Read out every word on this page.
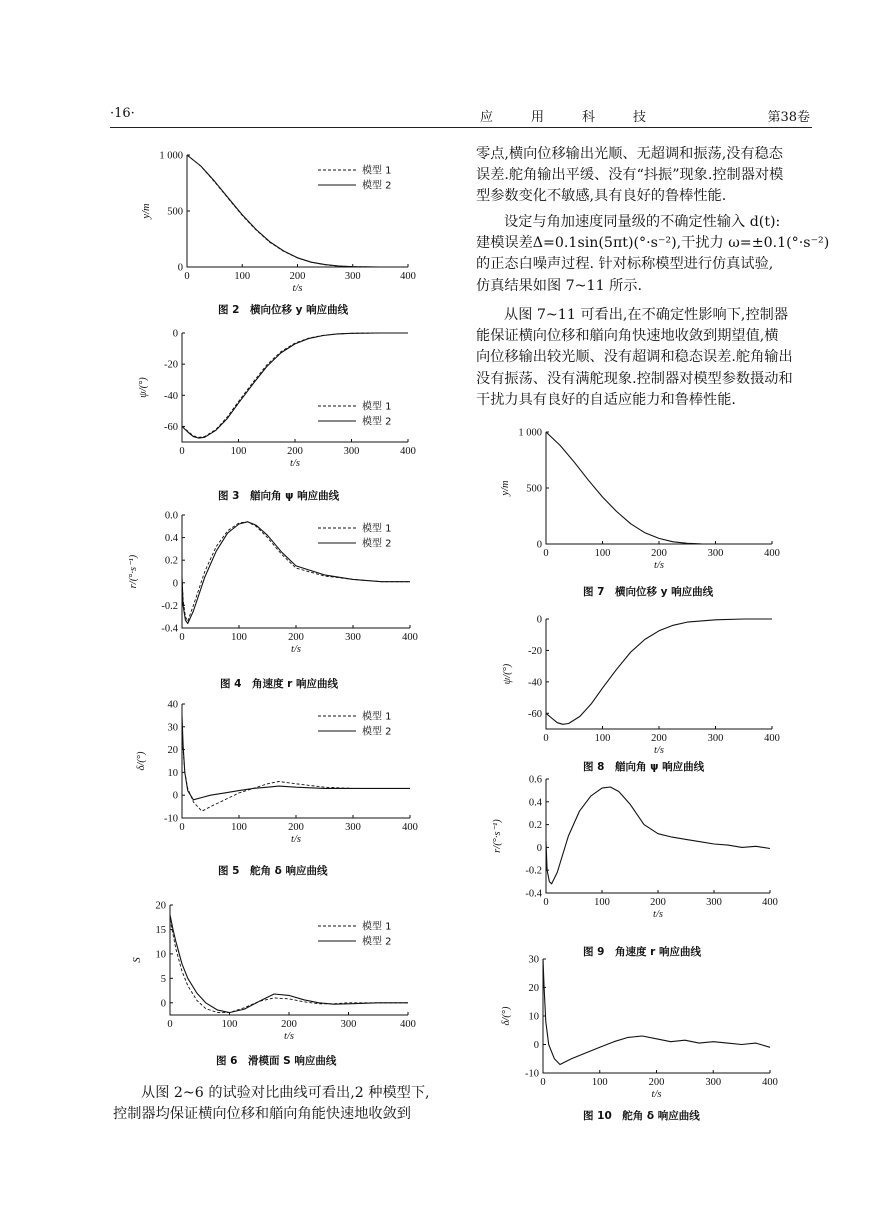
·16·	应用科技	第38卷
零点,横向位移输出光顺、无超调和振荡,没有稳态
误差.舵角输出平缓、没有“抖振”现象.控制器对模
型参数变化不敏感,具有良好的鲁棒性能.
设定与角加速度同量级的不确定性输入 d(t):
建模误差Δ=0.1sin(5πt)(°·s⁻²),干扰力 ω=±0.1(°·s⁻²)
的正态白噪声过程. 针对标称模型进行仿真试验,
仿真结果如图 7~11 所示.
从图 7~11 可看出,在不确定性影响下,控制器
能保证横向位移和艏向角快速地收敛到期望值,横
向位移输出较光顺、没有超调和稳态误差.舵角输出
没有振荡、没有满舵现象.控制器对模型参数摄动和
干扰力具有良好的自适应能力和鲁棒性能.
从图 2~6 的试验对比曲线可看出,2 种模型下,
控制器均保证横向位移和艏向角能快速地收敛到
0	100	200	300	400
0
500
1 000
t/s
y/m
模型 1
模型 2
图 2　横向位移 y 响应曲线
0	100	200	300	400
0
-20
-40
-60
t/s
ψ/(°)
模型 1
模型 2
图 3　艏向角 ψ 响应曲线
0	100	200	300	400
0.0
0.4
0.2
0
-0.2
-0.4
t/s
r/(°·s⁻¹)
模型 1
模型 2
图 4　角速度 r 响应曲线
0	100	200	300	400
40
30
20
10
0
-10
t/s
δ/(°)
模型 1
模型 2
图 5　舵角 δ 响应曲线
0	100	200	300	400
20
15
10
5
0
t/s
S
模型 1
模型 2
图 6　滑模面 S 响应曲线
0	100	200	300	400
0
500
1 000
t/s
y/m
图 7　横向位移 y 响应曲线
0	100	200	300	400
0
-20
-40
-60
t/s
ψ/(°)
图 8　艏向角 ψ 响应曲线
0	100	200	300	400
0.6
0.4
0.2
0
-0.2
-0.4
t/s
r/(°·s⁻¹)
图 9　角速度 r 响应曲线
0	100	200	300	400
30
20
10
0
-10
t/s
δ/(°)
图 10　舵角 δ 响应曲线
